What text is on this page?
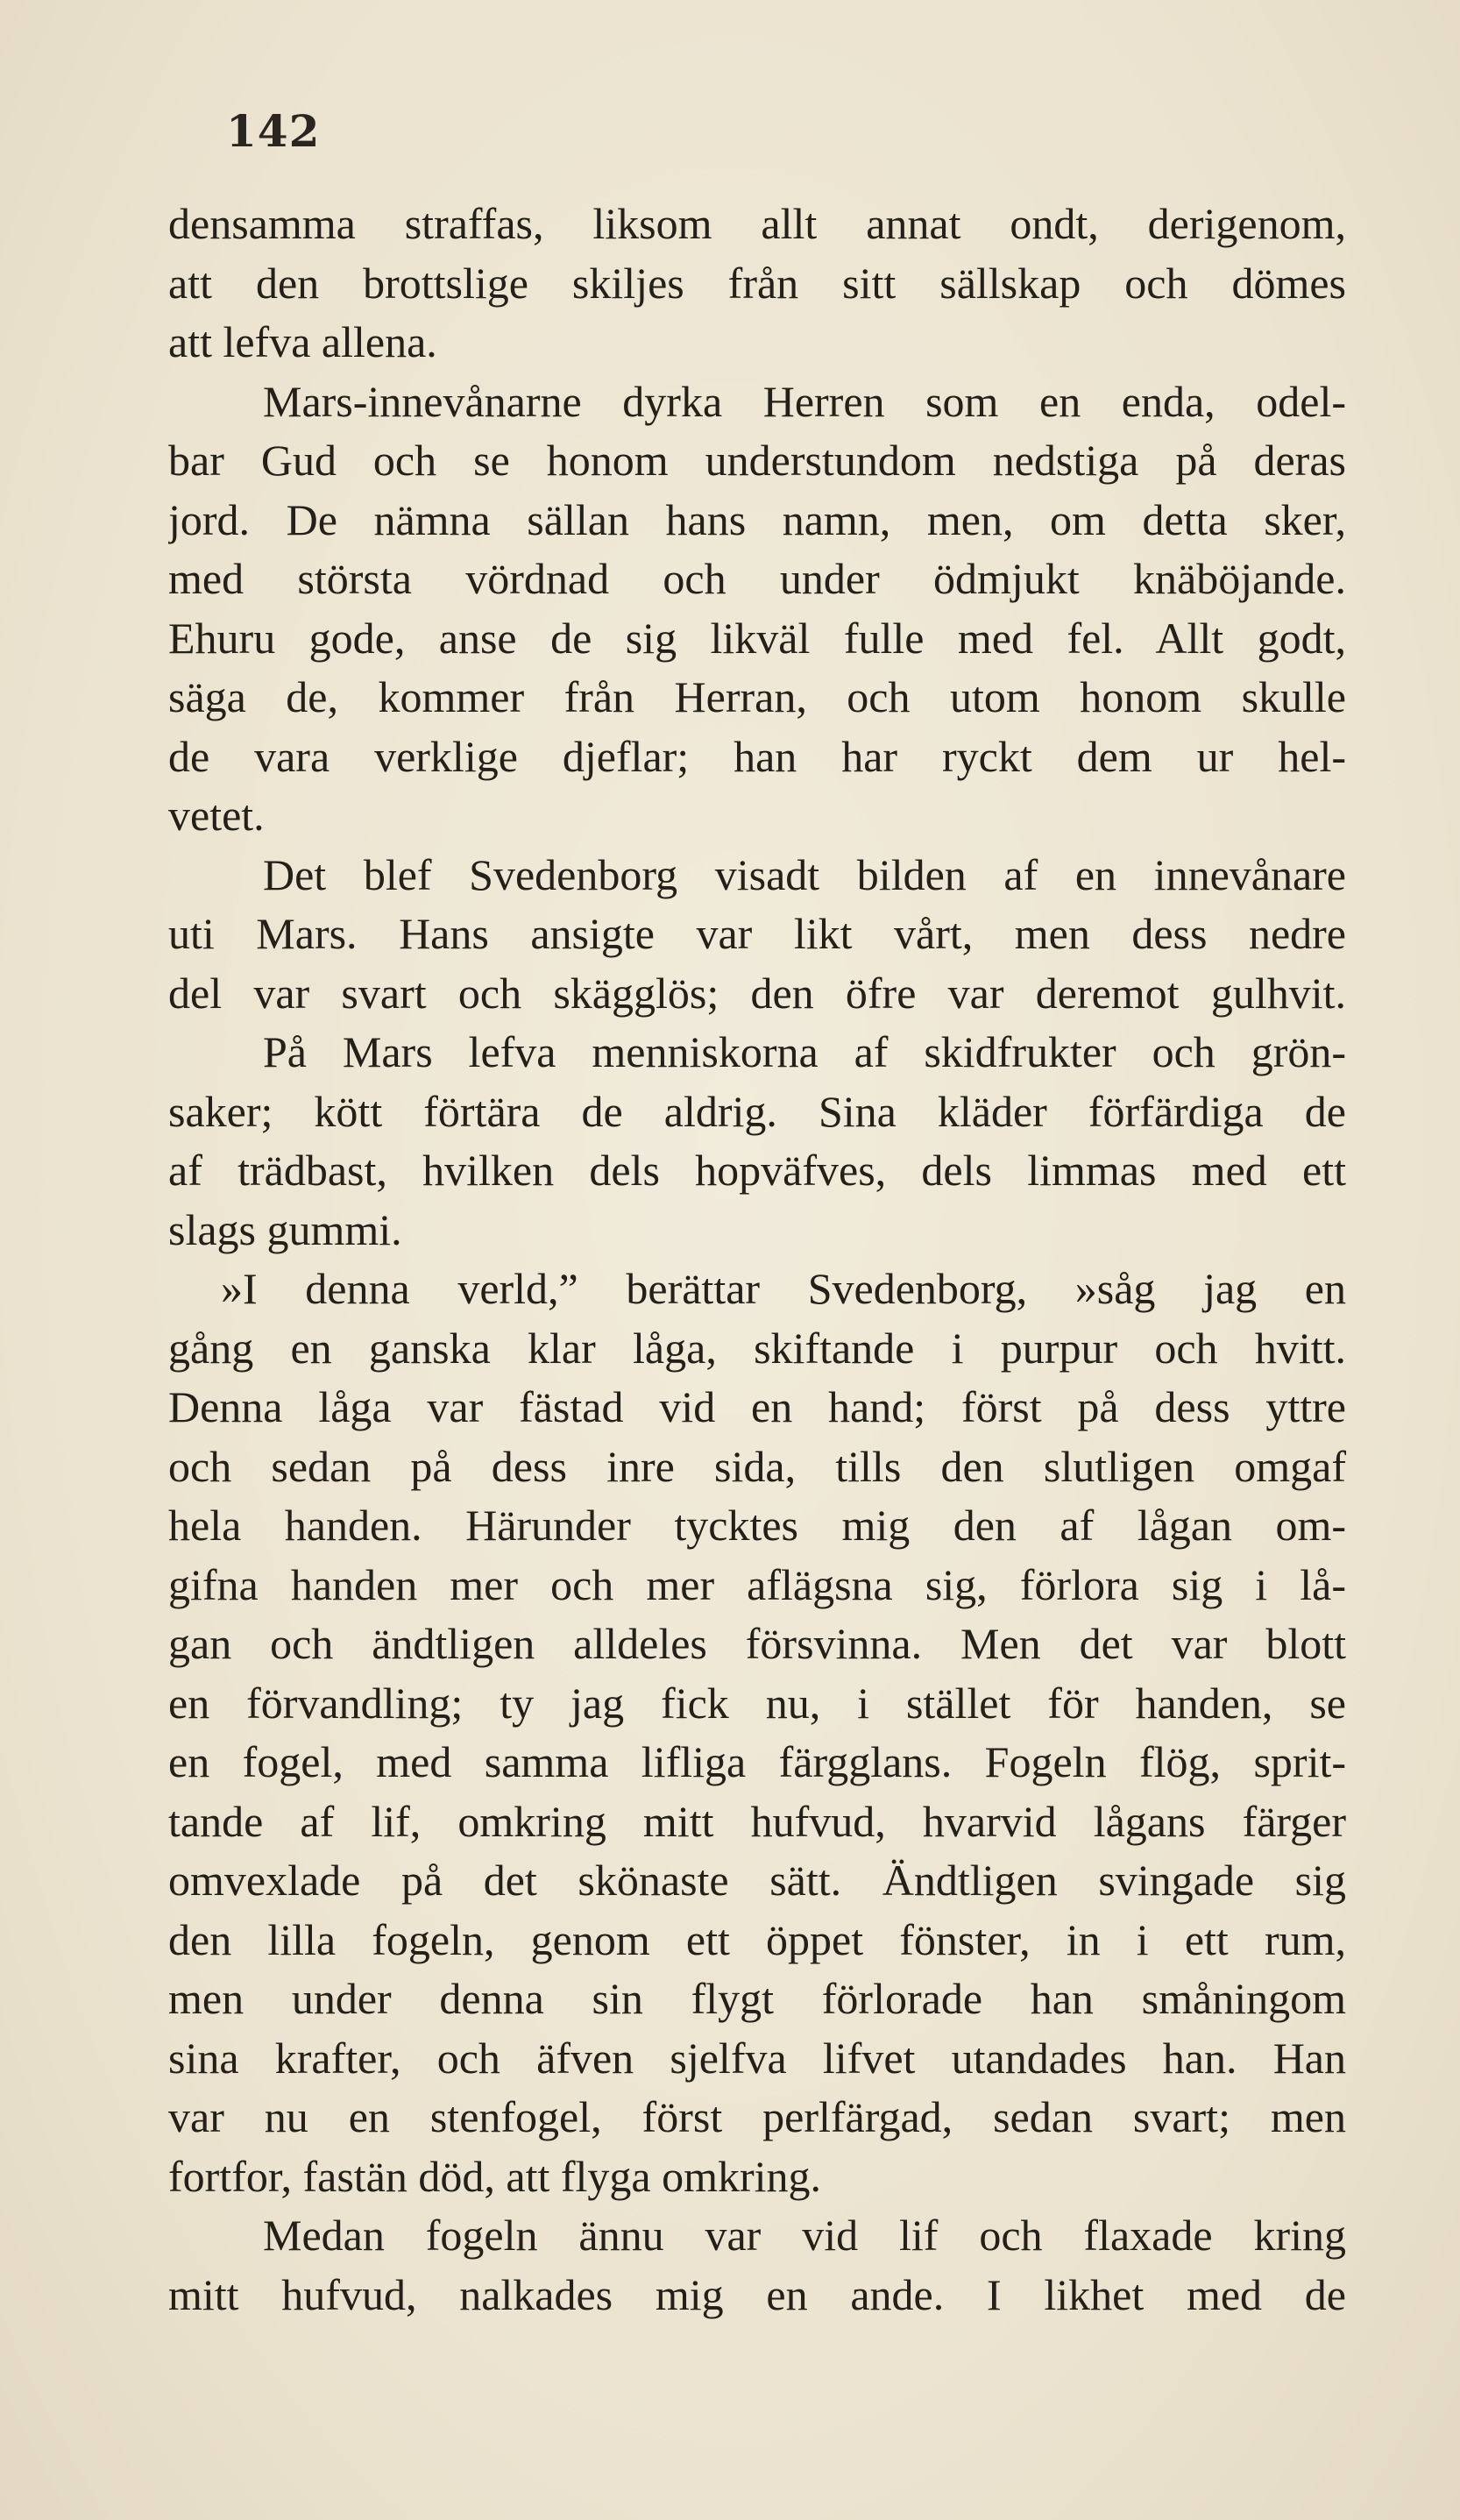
142
densamma straffas, liksom allt annat ondt, derigenom,
att den brottslige skiljes från sitt sällskap och dömes
att lefva allena.
Mars-innevånarne dyrka Herren som en enda, odel-
bar Gud och se honom understundom nedstiga på deras
jord. De nämna sällan hans namn, men, om detta sker,
med största vördnad och under ödmjukt knäböjande.
Ehuru gode, anse de sig likväl fulle med fel. Allt godt,
säga de, kommer från Herran, och utom honom skulle
de vara verklige djeflar; han har ryckt dem ur hel-
vetet.
Det blef Svedenborg visadt bilden af en innevånare
uti Mars. Hans ansigte var likt vårt, men dess nedre
del var svart och skägglös; den öfre var deremot gulhvit.
På Mars lefva menniskorna af skidfrukter och grön-
saker; kött förtära de aldrig. Sina kläder förfärdiga de
af trädbast, hvilken dels hopväfves, dels limmas med ett
slags gummi.
»I denna verld,” berättar Svedenborg, »såg jag en
gång en ganska klar låga, skiftande i purpur och hvitt.
Denna låga var fästad vid en hand; först på dess yttre
och sedan på dess inre sida, tills den slutligen omgaf
hela handen. Härunder tycktes mig den af lågan om-
gifna handen mer och mer aflägsna sig, förlora sig i lå-
gan och ändtligen alldeles försvinna. Men det var blott
en förvandling; ty jag fick nu, i stället för handen, se
en fogel, med samma lifliga färgglans. Fogeln flög, sprit-
tande af lif, omkring mitt hufvud, hvarvid lågans färger
omvexlade på det skönaste sätt. Ändtligen svingade sig
den lilla fogeln, genom ett öppet fönster, in i ett rum,
men under denna sin flygt förlorade han småningom
sina krafter, och äfven sjelfva lifvet utandades han. Han
var nu en stenfogel, först perlfärgad, sedan svart; men
fortfor, fastän död, att flyga omkring.
Medan fogeln ännu var vid lif och flaxade kring
mitt hufvud, nalkades mig en ande. I likhet med de
